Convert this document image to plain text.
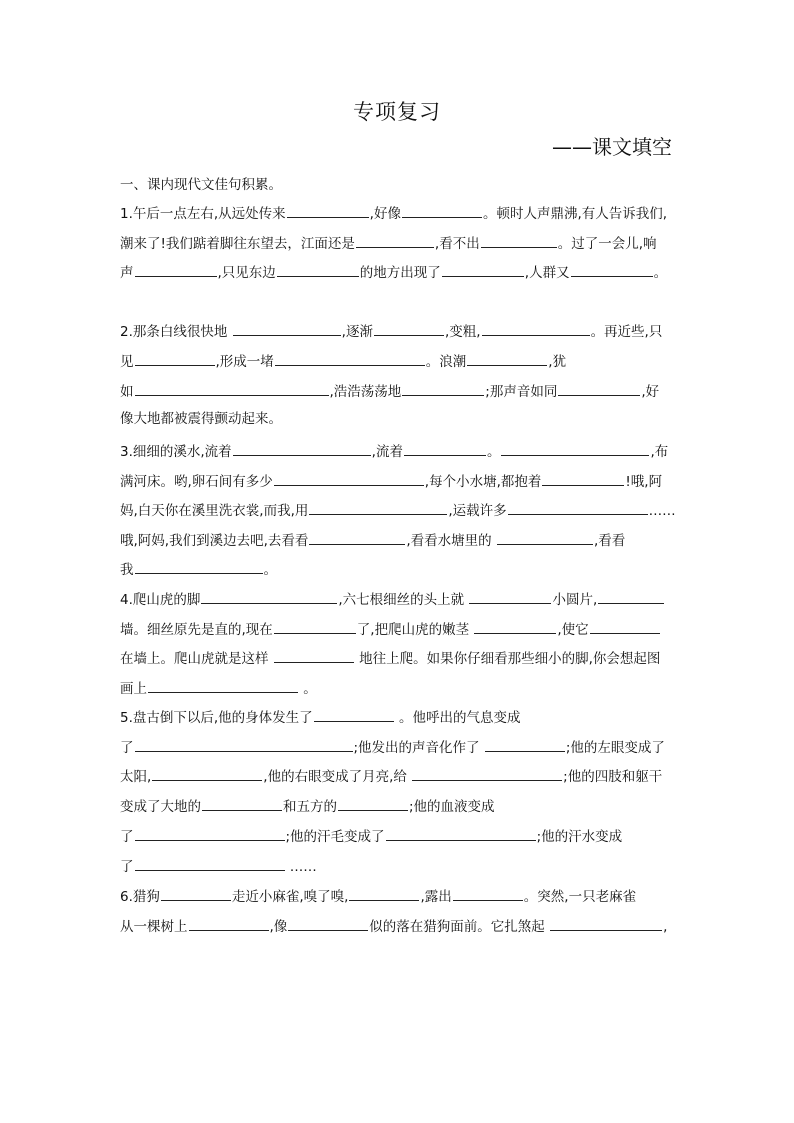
专项复习
——课文填空
一、课内现代文佳句积累。
1.午后一点左右,从远处传来	,好像	。顿时人声鼎沸,有人告诉我们,
潮来了!我们踮着脚往东望去，江面还是	,看不出	。过了一会儿,响
声	,只见东边	的地方出现了	,人群又	。
2.那条白线很快地	,逐渐	,变粗,	。再近些,只
见	,形成一堵	。浪潮	,犹
如	,浩浩荡荡地	;那声音如同	,好
像大地都被震得颤动起来。
3.细细的溪水,流着	,流着	。	,布
满河床。哟,卵石间有多少	,每个小水塘,都抱着	!哦,阿
妈,白天你在溪里洗衣裳,而我,用	,运载许多	……
哦,阿妈,我们到溪边去吧,去看看	,看看水塘里的	,看看
我	。
4.爬山虎的脚	,六七根细丝的头上就	小圆片,
墙。细丝原先是直的,现在	了,把爬山虎的嫩茎	,使它
在墙上。爬山虎就是这样	地往上爬。如果你仔细看那些细小的脚,你会想起图
画上	。
5.盘古倒下以后,他的身体发生了	。他呼出的气息变成
了	;他发出的声音化作了	;他的左眼变成了
太阳,	,他的右眼变成了月亮,给	;他的四肢和躯干
变成了大地的	和五方的	;他的血液变成
了	;他的汗毛变成了	;他的汗水变成
了	……
6.猎狗	走近小麻雀,嗅了嗅,	,露出	。突然,一只老麻雀
从一棵树上	,像	似的落在猎狗面前。它扎煞起	,
